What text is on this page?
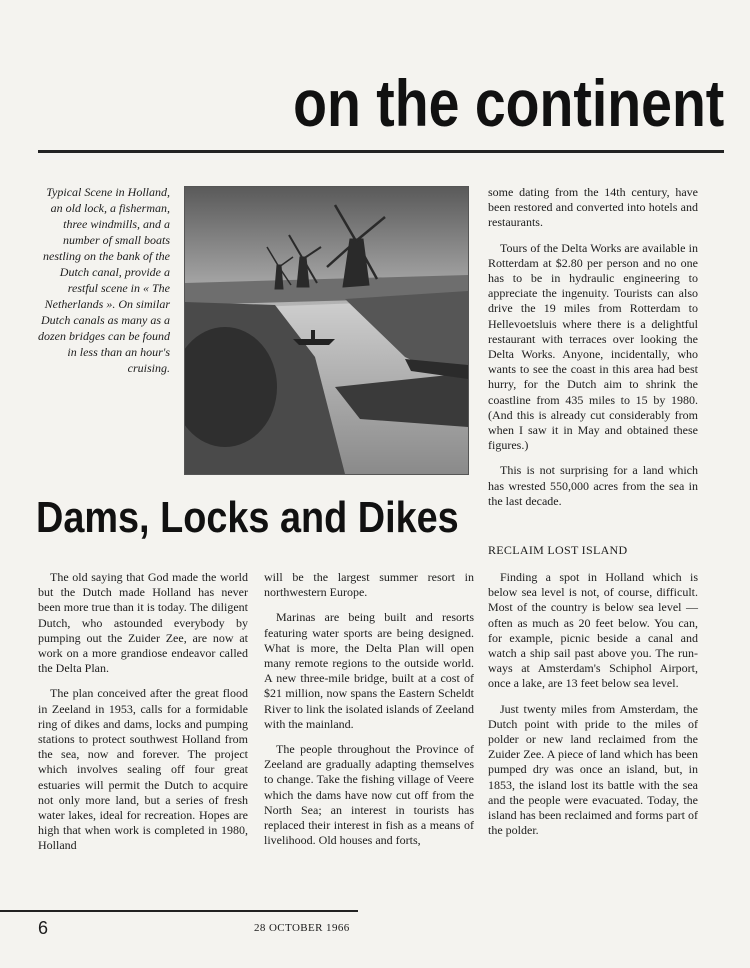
on the continent

Typical Scene in Holland, an old lock, a fisherman, three windmills, and a number of small boats nestling on the bank of the Dutch canal, provide a restful scene in « The Netherlands ». On similar Dutch canals as many as a dozen bridges can be found in less than an hour's cruising.

some dating from the 14th century, have been restored and converted into hotels and restaurants.

Tours of the Delta Works are available in Rotterdam at $2.80 per person and no one has to be in hydraulic engineering to appreciate the ingenuity. Tourists can also drive the 19 miles from Rotterdam to Hellevoetsluis where there is a delightful restaurant with terraces over looking the Delta Works. Anyone, incidentally, who wants to see the coast in this area had best hurry, for the Dutch aim to shrink the coastline from 435 miles to 15 by 1980. (And this is already cut considerably from when I saw it in May and obtained these figures.)

This is not surprising for a land which has wrested 550,000 acres from the sea in the last decade.

Dams, Locks and Dikes

The old saying that God made the world but the Dutch made Holland has never been more true than it is today. The diligent Dutch, who astounded everybody by pumping out the Zuider Zee, are now at work on a more grandiose endeavor called the Delta Plan.

The plan conceived after the great flood in Zeeland in 1953, calls for a formidable ring of dikes and dams, locks and pumping stations to protect southwest Holland from the sea, now and forever. The project which involves sealing off four great estuaries will permit the Dutch to acquire not only more land, but a series of fresh water lakes, ideal for recreation. Hopes are high that when work is completed in 1980, Holland

will be the largest summer resort in northwestern Europe.

Marinas are being built and resorts featuring water sports are being designed. What is more, the Delta Plan will open many remote regions to the outside world. A new three-mile bridge, built at a cost of $21 million, now spans the Eastern Scheldt River to link the isolated islands of Zeeland with the mainland.

The people throughout the Province of Zeeland are gradually adapting themselves to change. Take the fishing village of Veere which the dams have now cut off from the North Sea; an interest in tourists has replaced their interest in fish as a means of livelihood. Old houses and forts,

RECLAIM LOST ISLAND

Finding a spot in Holland which is below sea level is not, of course, difficult. Most of the country is below sea level — often as much as 20 feet below. You can, for example, picnic beside a canal and watch a ship sail past above you. The run-ways at Amsterdam's Schiphol Airport, once a lake, are 13 feet below sea level.

Just twenty miles from Amsterdam, the Dutch point with pride to the miles of polder or new land reclaimed from the Zuider Zee. A piece of land which has been pumped dry was once an island, but, in 1853, the island lost its battle with the sea and the people were evacuated. Today, the island has been reclaimed and forms part of the polder.

6	28 OCTOBER 1966
